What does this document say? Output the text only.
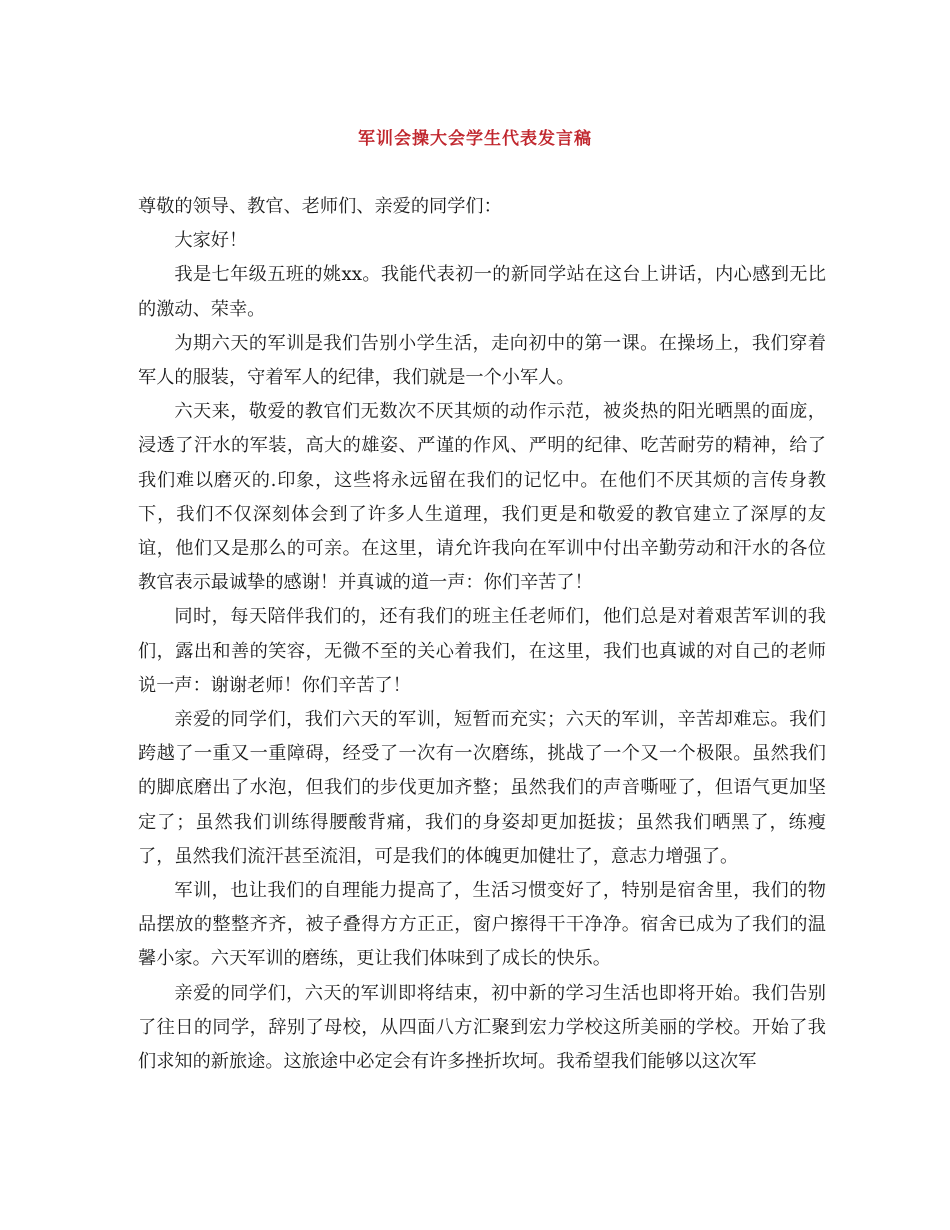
军训会操大会学生代表发言稿

尊敬的领导、教官、老师们、亲爱的同学们：

大家好！

我是七年级五班的姚xx。我能代表初一的新同学站在这台上讲话，内心感到无比的激动、荣幸。

为期六天的军训是我们告别小学生活，走向初中的第一课。在操场上，我们穿着军人的服装，守着军人的纪律，我们就是一个小军人。

六天来，敬爱的教官们无数次不厌其烦的动作示范，被炎热的阳光晒黑的面庞，浸透了汗水的军装，高大的雄姿、严谨的作风、严明的纪律、吃苦耐劳的精神，给了我们难以磨灭的.印象，这些将永远留在我们的记忆中。在他们不厌其烦的言传身教下，我们不仅深刻体会到了许多人生道理，我们更是和敬爱的教官建立了深厚的友谊，他们又是那么的可亲。在这里，请允许我向在军训中付出辛勤劳动和汗水的各位教官表示最诚挚的感谢！并真诚的道一声：你们辛苦了！

同时，每天陪伴我们的，还有我们的班主任老师们，他们总是对着艰苦军训的我们，露出和善的笑容，无微不至的关心着我们，在这里，我们也真诚的对自己的老师说一声：谢谢老师！你们辛苦了！

亲爱的同学们，我们六天的军训，短暂而充实；六天的军训，辛苦却难忘。我们跨越了一重又一重障碍，经受了一次有一次磨练，挑战了一个又一个极限。虽然我们的脚底磨出了水泡，但我们的步伐更加齐整；虽然我们的声音嘶哑了，但语气更加坚定了；虽然我们训练得腰酸背痛，我们的身姿却更加挺拔；虽然我们晒黑了，练瘦了，虽然我们流汗甚至流泪，可是我们的体魄更加健壮了，意志力增强了。

军训，也让我们的自理能力提高了，生活习惯变好了，特别是宿舍里，我们的物品摆放的整整齐齐，被子叠得方方正正，窗户擦得干干净净。宿舍已成为了我们的温馨小家。六天军训的磨练，更让我们体味到了成长的快乐。

亲爱的同学们，六天的军训即将结束，初中新的学习生活也即将开始。我们告别了往日的同学，辞别了母校，从四面八方汇聚到宏力学校这所美丽的学校。开始了我们求知的新旅途。这旅途中必定会有许多挫折坎坷。我希望我们能够以这次军
